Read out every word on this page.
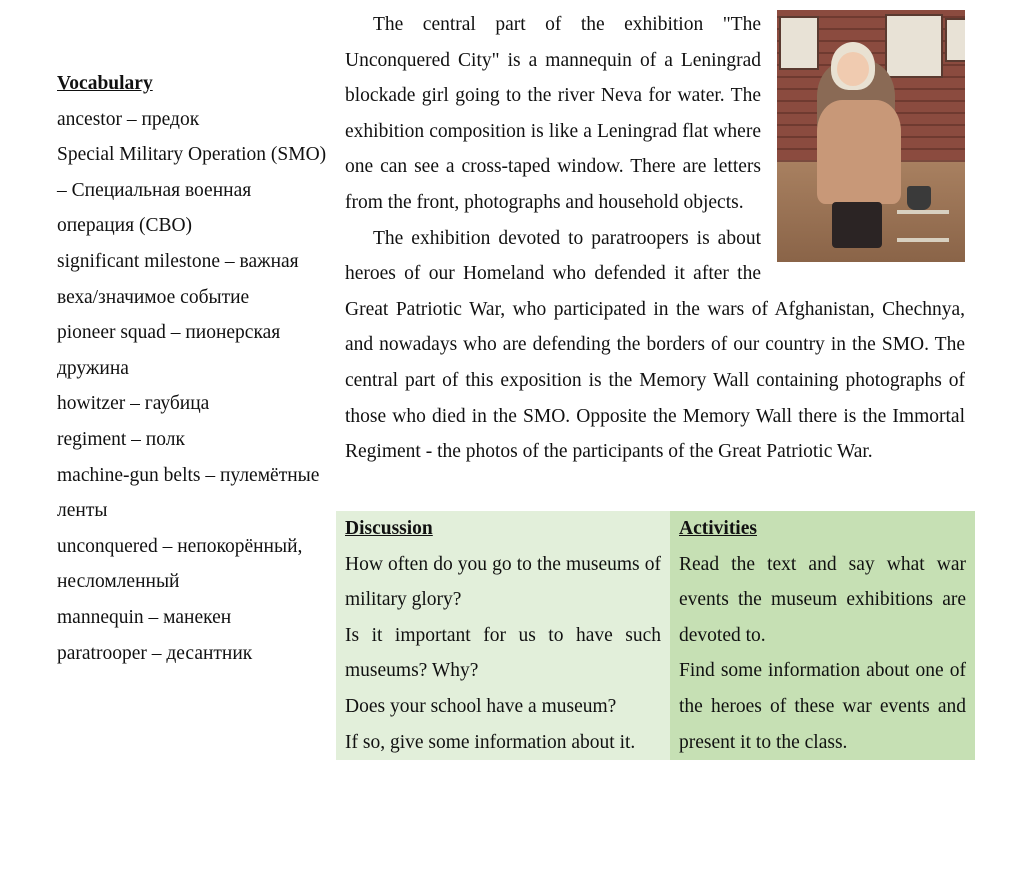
Vocabulary
ancestor – предок
Special Military Operation (SMO) – Специальная военная операция (СВО)
significant milestone – важная веха/значимое событие
pioneer squad – пионерская дружина
howitzer – гаубица
regiment – полк
machine-gun belts – пулемётные ленты
unconquered – непокорённый, несломленный
mannequin – манекен
paratrooper – десантник

The central part of the exhibition "The Unconquered City" is a mannequin of a Leningrad blockade girl going to the river Neva for water. The exhibition composition is like a Leningrad flat where one can see a cross-taped window. There are letters from the front, photographs and household objects.

The exhibition devoted to paratroopers is about heroes of our Homeland who defended it after the Great Patriotic War, who participated in the wars of Afghanistan, Chechnya, and nowadays who are defending the borders of our country in the SMO. The central part of this exposition is the Memory Wall containing photographs of those who died in the SMO. Opposite the Memory Wall there is the Immortal Regiment - the photos of the participants of the Great Patriotic War.

Discussion
How often do you go to the museums of military glory?
Is it important for us to have such museums? Why?
Does your school have a museum?
If so, give some information about it.
Activities
Read the text and say what war events the museum exhibitions are devoted to.
Find some information about one of the heroes of these war events and present it to the class.
